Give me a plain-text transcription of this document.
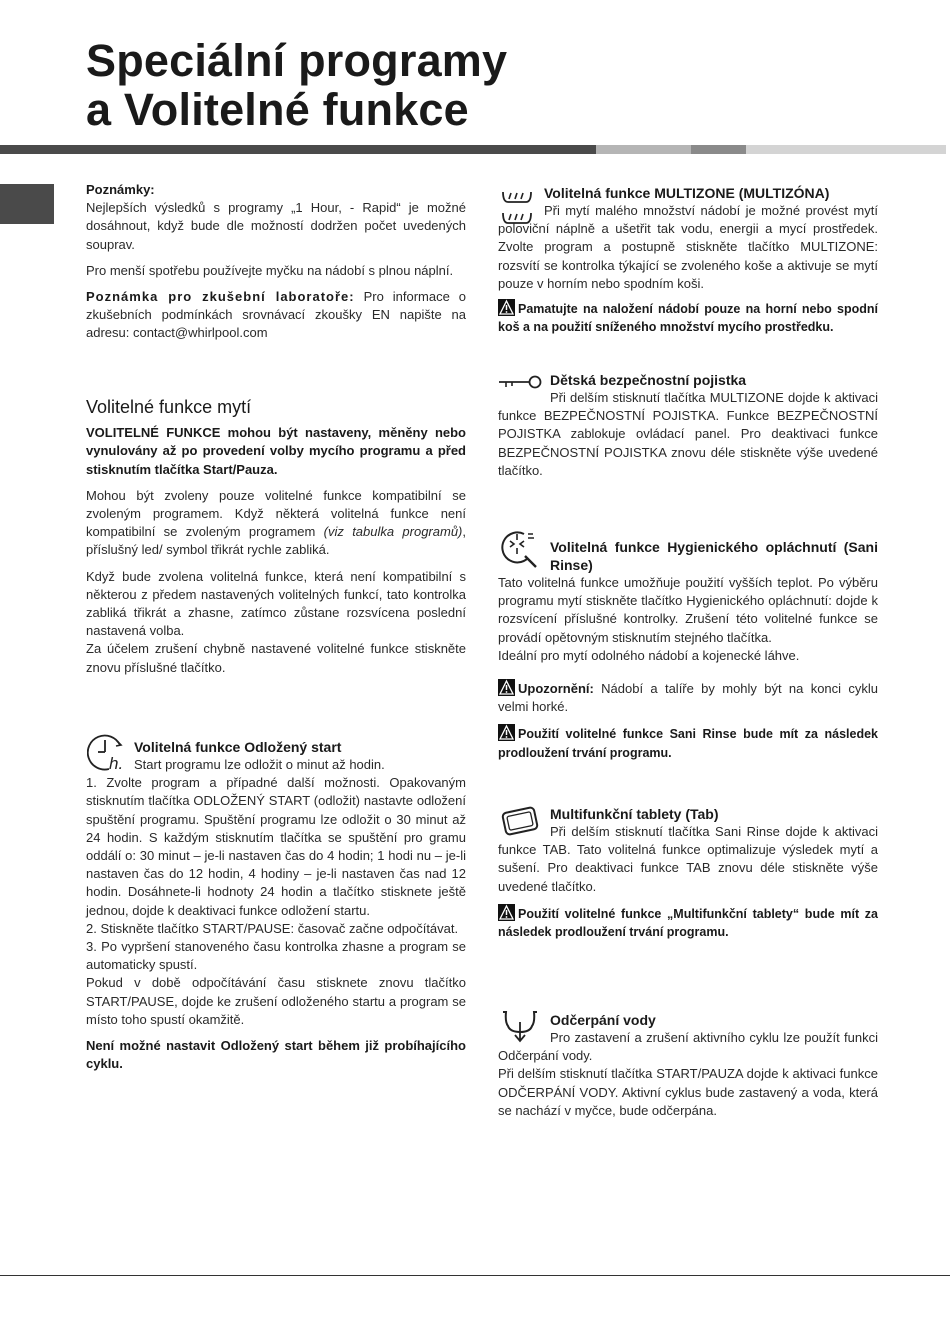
Speciální programy
a Volitelné funkce

Poznámky:

Nejlepších výsledků s programy „1 Hour, - Rapid“ je možné dosáhnout, když bude dle možností dodržen počet uvedených souprav.

Pro menší spotřebu používejte myčku na nádobí s plnou náplní.

Poznámka pro zkušební laboratoře: Pro informace o zkušebních podmínkách srovnávací zkoušky EN napište na adresu: contact@whirlpool.com

Volitelné funkce mytí

VOLITELNÉ FUNKCE mohou být nastaveny, měněny nebo vynulovány až po provedení volby mycího programu a před stisknutím tlačítka Start/Pauza.

Mohou být zvoleny pouze volitelné funkce kompatibilní se zvoleným programem. Když některá volitelná funkce není kompatibilní se zvoleným programem (viz tabulka programů), příslušný led/ symbol třikrát rychle zabliká.

Když bude zvolena volitelná funkce, která není kompatibilní s některou z předem nastavených volitelných funkcí, tato kontrolka zabliká třikrát a zhasne, zatímco zůstane rozsvícena poslední nastavená volba.

Za účelem zrušení chybně nastavené volitelné funkce stiskněte znovu příslušné tlačítko.

h.
Volitelná funkce Odložený start

Start programu lze odložit o minut až hodin.

1. Zvolte program a případné další možnosti. Opakovaným stisknutím tlačítka ODLOŽENÝ START (odložit) nastavte odložení spuštění programu. Spuštění programu lze odložit o 30 minut až 24 hodin. S každým stisknutím tlačítka se spuštění pro gramu oddálí o: 30 minut – je-li nastaven čas do 4 hodin; 1 hodi nu – je-li nastaven čas do 12 hodin, 4 hodiny – je-li nastaven čas nad 12 hodin. Dosáhnete-li hodnoty 24 hodin a tlačítko stisknete ještě jednou, dojde k deaktivaci funkce odložení startu.

2. Stiskněte tlačítko START/PAUSE: časovač začne odpočítávat.

3. Po vypršení stanoveného času kontrolka zhasne a program se automaticky spustí.

Pokud v době odpočítávání času stisknete znovu tlačítko START/PAUSE, dojde ke zrušení odloženého startu a program se místo toho spustí okamžitě.

Není možné nastavit Odložený start během již probíhajícího cyklu.

Volitelná funkce MULTIZONE (MULTIZÓNA)

Při mytí malého množství nádobí je možné provést mytí poloviční náplně a ušetřit tak vodu, energii a mycí prostředek. Zvolte program a postupně stiskněte tlačítko MULTIZONE: rozsvítí se kontrolka týkající se zvoleného koše a aktivuje se mytí pouze v horním nebo spodním koši.

Pamatujte na naložení nádobí pouze na horní nebo spodní koš a na použití sníženého množství mycího prostředku.

Dětská bezpečnostní pojistka

Při delším stisknutí tlačítka MULTIZONE dojde k aktivaci funkce BEZPEČNOSTNÍ POJISTKA. Funkce BEZPEČNOSTNÍ POJISTKA zablokuje ovládací panel. Pro deaktivaci funkce BEZPEČNOSTNÍ POJISTKA znovu déle stiskněte výše uvedené tlačítko.

Volitelná funkce Hygienického opláchnutí (Sani Rinse)

Tato volitelná funkce umožňuje použití vyšších teplot. Po výběru programu mytí stiskněte tlačítko Hygienického opláchnutí: dojde k rozsvícení příslušné kontrolky. Zrušení této volitelné funkce se provádí opětovným stisknutím stejného tlačítka.

Ideální pro mytí odolného nádobí a kojenecké láhve.

Upozornění: Nádobí a talíře by mohly být na konci cyklu velmi horké.

Použití volitelné funkce Sani Rinse bude mít za následek prodloužení trvání programu.

Multifunkční tablety (Tab)

Při delším stisknutí tlačítka Sani Rinse dojde k aktivaci funkce TAB. Tato volitelná funkce optimalizuje výsledek mytí a sušení. Pro deaktivaci funkce TAB znovu déle stiskněte výše uvedené tlačítko.

Použití volitelné funkce „Multifunkční tablety“ bude mít za následek prodloužení trvání programu.

Odčerpání vody

Pro zastavení a zrušení aktivního cyklu lze použít funkci Odčerpání vody.

Při delším stisknutí tlačítka START/PAUZA dojde k aktivaci funkce ODČERPÁNÍ VODY. Aktivní cyklus bude zastavený a voda, která se nachází v myčce, bude odčerpána.
